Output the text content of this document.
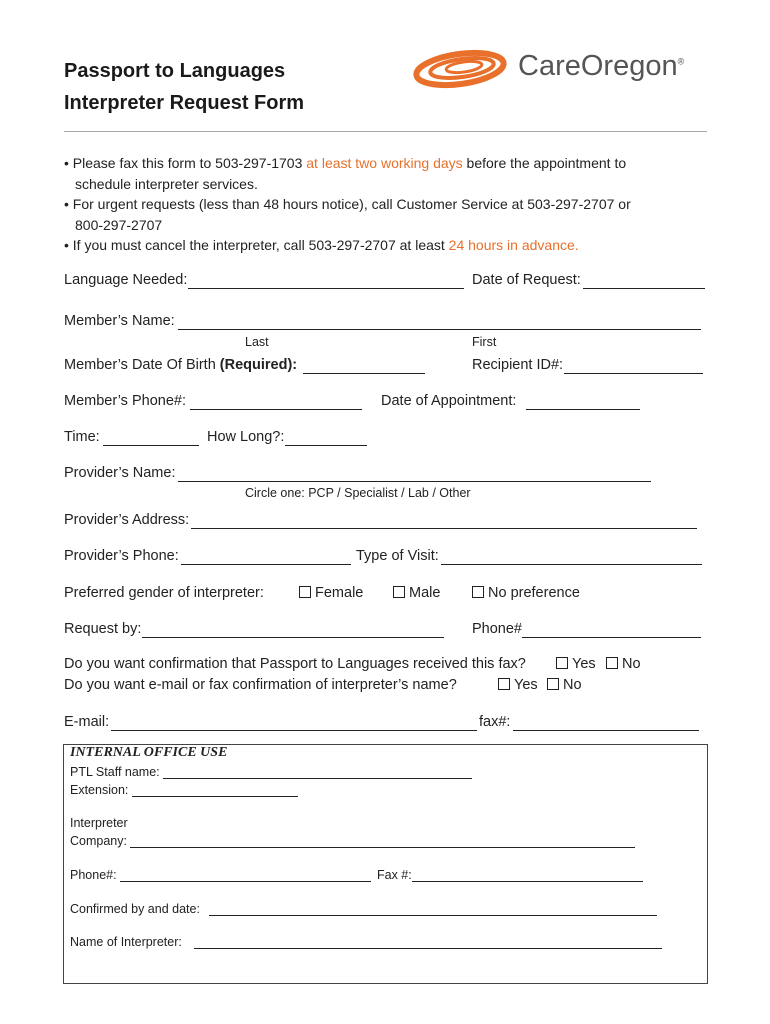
Passport to Languages
Interpreter Request Form
CareOregon®
• Please fax this form to 503-297-1703 at least two working days before the appointment to
schedule interpreter services.
• For urgent requests (less than 48 hours notice), call Customer Service at 503-297-2707 or
800-297-2707
• If you must cancel the interpreter, call 503-297-2707 at least 24 hours in advance.
Language Needed:	Date of Request:
Member’s Name:
Last	First
Member’s Date Of Birth (Required):	Recipient ID#:
Member’s Phone#:	Date of Appointment:
Time:	How Long?:
Provider’s Name:
Circle one: PCP / Specialist / Lab / Other
Provider’s Address:
Provider’s Phone:	Type of Visit:
Preferred gender of interpreter:	Female	Male	No preference
Request by:	Phone#
Do you want confirmation that Passport to Languages received this fax?	Yes	No
Do you want e-mail or fax confirmation of interpreter’s name?	Yes	No
E-mail:	fax#:
INTERNAL OFFICE USE
PTL Staff name:
Extension:
Interpreter
Company:
Phone#:	Fax #:
Confirmed by and date:
Name of Interpreter:
